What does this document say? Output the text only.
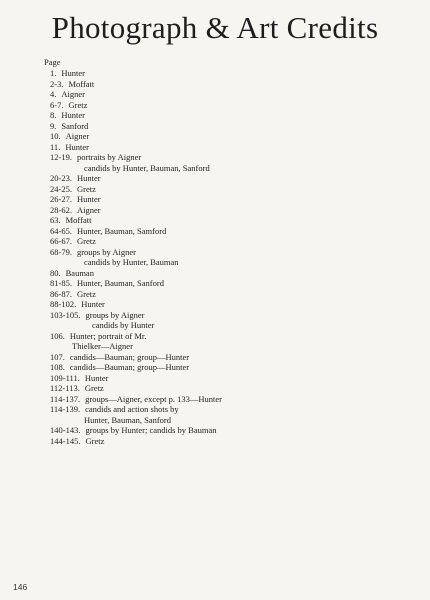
Photograph & Art Credits
Page
1. Hunter
2-3. Moffatt
4. Aigner
6-7. Gretz
8. Hunter
9. Sanford
10. Aigner
11. Hunter
12-19. portraits by Aigner
candids by Hunter, Bauman, Sanford
20-23. Hunter
24-25. Gretz
26-27. Hunter
28-62. Aigner
63. Moffatt
64-65. Hunter, Bauman, Samford
66-67. Gretz
68-79. groups by Aigner
candids by Hunter, Bauman
80. Bauman
81-85. Hunter, Bauman, Sanford
86-87. Gretz
88-102. Hunter
103-105. groups by Aigner
candids by Hunter
106. Hunter; portrait of Mr.
Thielker—Aigner
107. candids—Bauman; group—Hunter
108. candids—Bauman; group—Hunter
109-111. Hunter
112-113. Gretz
114-137. groups—Aigner, except p. 133—Hunter
114-139. candids and action shots by
Hunter, Bauman, Sanford
140-143. groups by Hunter; candids by Bauman
144-145. Gretz
146
